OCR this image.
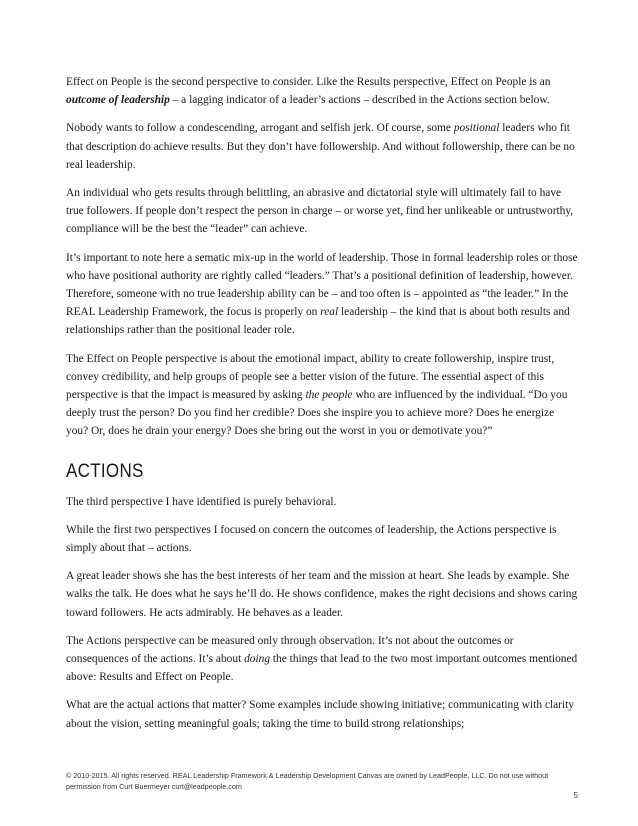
Effect on People is the second perspective to consider. Like the Results perspective, Effect on People is an outcome of leadership – a lagging indicator of a leader’s actions – described in the Actions section below.

Nobody wants to follow a condescending, arrogant and selfish jerk. Of course, some positional leaders who fit that description do achieve results. But they don’t have followership. And without followership, there can be no real leadership.

An individual who gets results through belittling, an abrasive and dictatorial style will ultimately fail to have true followers. If people don’t respect the person in charge – or worse yet, find her unlikeable or untrustworthy, compliance will be the best the “leader” can achieve.

It’s important to note here a sematic mix-up in the world of leadership. Those in formal leadership roles or those who have positional authority are rightly called “leaders.” That’s a positional definition of leadership, however. Therefore, someone with no true leadership ability can be – and too often is – appointed as “the leader.” In the REAL Leadership Framework, the focus is properly on real leadership – the kind that is about both results and relationships rather than the positional leader role.

The Effect on People perspective is about the emotional impact, ability to create followership, inspire trust, convey credibility, and help groups of people see a better vision of the future. The essential aspect of this perspective is that the impact is measured by asking the people who are influenced by the individual. “Do you deeply trust the person? Do you find her credible? Does she inspire you to achieve more? Does he energize you? Or, does he drain your energy? Does she bring out the worst in you or demotivate you?”

ACTIONS

The third perspective I have identified is purely behavioral.

While the first two perspectives I focused on concern the outcomes of leadership, the Actions perspective is simply about that – actions.

A great leader shows she has the best interests of her team and the mission at heart. She leads by example. She walks the talk. He does what he says he’ll do. He shows confidence, makes the right decisions and shows caring toward followers. He acts admirably. He behaves as a leader.

The Actions perspective can be measured only through observation. It’s not about the outcomes or consequences of the actions. It’s about doing the things that lead to the two most important outcomes mentioned above: Results and Effect on People.

What are the actual actions that matter? Some examples include showing initiative; communicating with clarity about the vision, setting meaningful goals; taking the time to build strong relationships;

© 2010-2015. All rights reserved. REAL Leadership Framework & Leadership Development Canvas are owned by LeadPeople, LLC. Do not use without permission from Curt Buermeyer curt@leadpeople.com
5
